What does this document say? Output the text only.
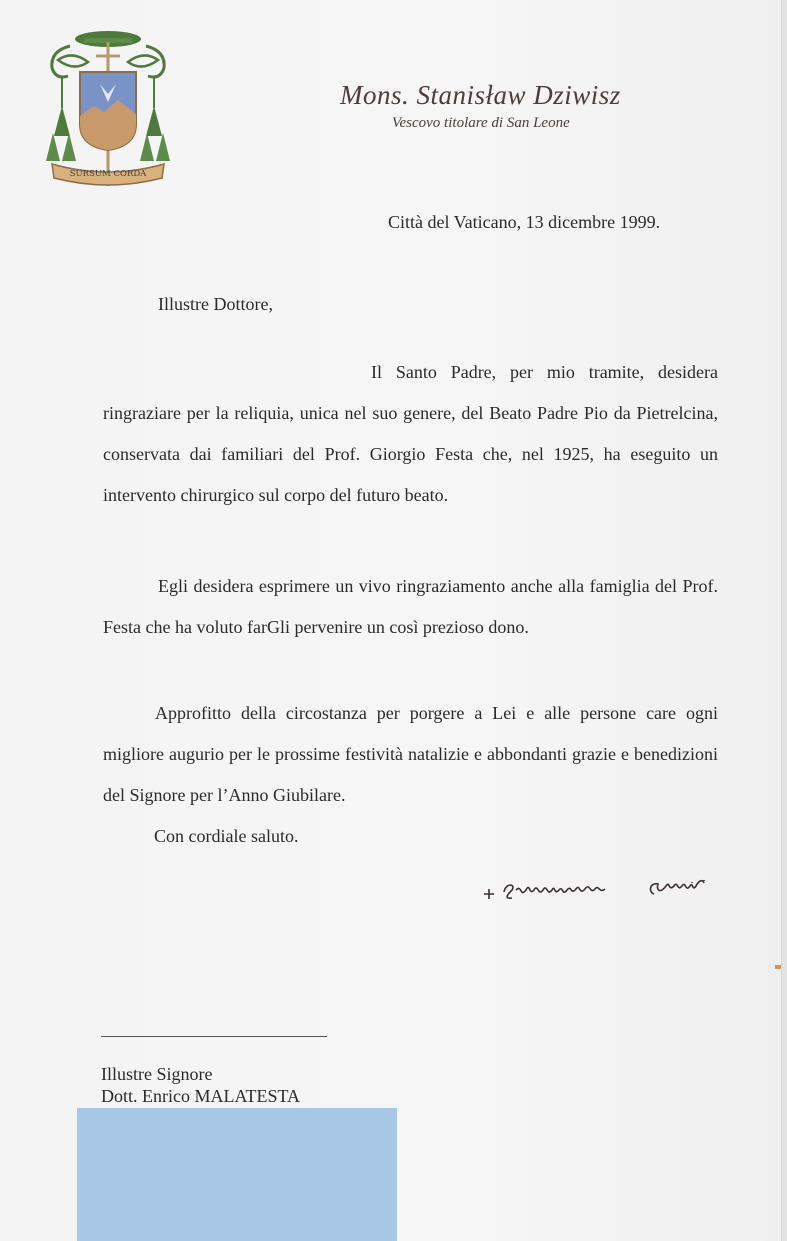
SURSUM CORDA
Mons. Stanisław Dziwisz
Vescovo titolare di San Leone
Città del Vaticano, 13 dicembre 1999.
Illustre Dottore,

Il Santo Padre, per mio tramite, desidera ringraziare per la reliquia, unica nel suo genere, del Beato Padre Pio da Pietrelcina, conservata dai familiari del Prof. Giorgio Festa che, nel 1925, ha eseguito un intervento chirurgico sul corpo del futuro beato.

Egli desidera esprimere un vivo ringraziamento anche alla famiglia del Prof. Festa che ha voluto farGli pervenire un così prezioso dono.

Approfitto della circostanza per porgere a Lei e alle persone care ogni migliore augurio per le prossime festività natalizie e abbondanti grazie e benedizioni del Signore per l’Anno Giubilare.

Con cordiale saluto.
Illustre Signore
Dott. Enrico MALATESTA
